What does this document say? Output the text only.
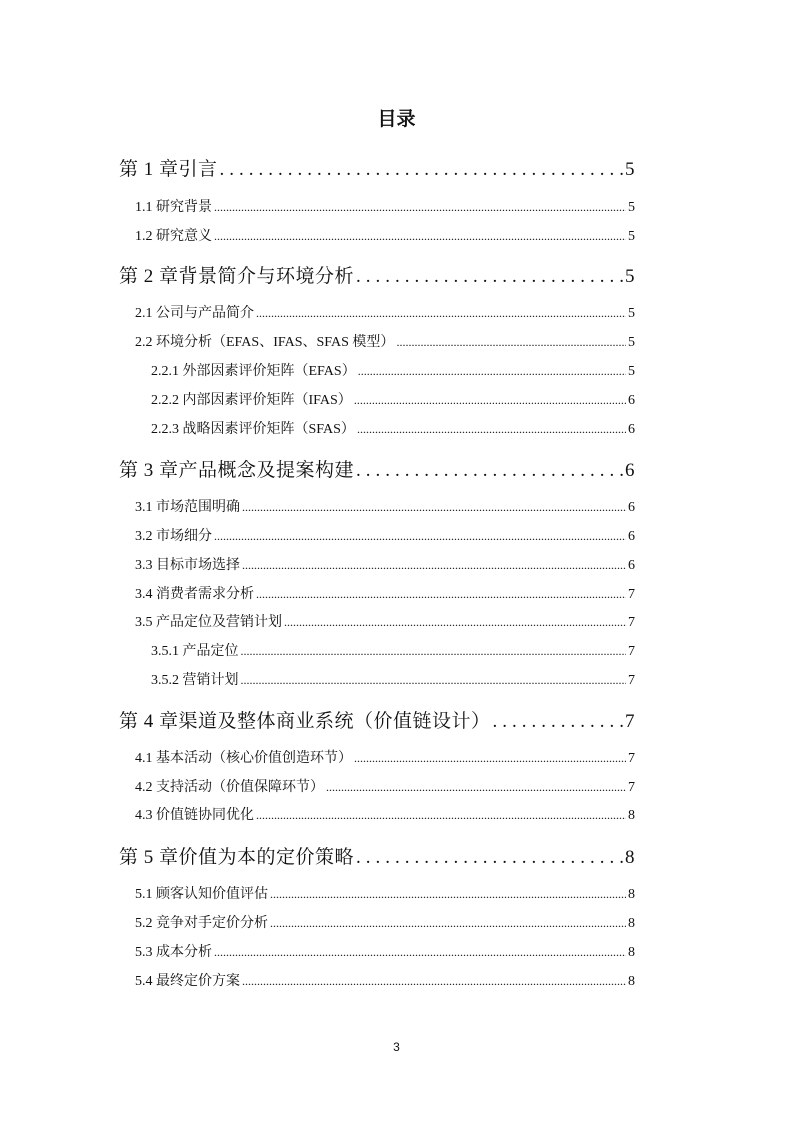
目录
第 1 章引言 .....	5
1.1 研究背景 .....	5
1.2 研究意义 .....	5
第 2 章背景简介与环境分析 .....	5
2.1 公司与产品简介 .....	5
2.2 环境分析（EFAS、IFAS、SFAS 模型） .....	5
2.2.1 外部因素评价矩阵（EFAS） .....	5
2.2.2 内部因素评价矩阵（IFAS） .....	6
2.2.3 战略因素评价矩阵（SFAS） .....	6
第 3 章产品概念及提案构建 .....	6
3.1 市场范围明确 .....	6
3.2 市场细分 .....	6
3.3 目标市场选择 .....	6
3.4 消费者需求分析 .....	7
3.5 产品定位及营销计划 .....	7
3.5.1 产品定位 .....	7
3.5.2 营销计划 .....	7
第 4 章渠道及整体商业系统（价值链设计） .....	7
4.1 基本活动（核心价值创造环节） .....	7
4.2 支持活动（价值保障环节） .....	7
4.3 价值链协同优化 .....	8
第 5 章价值为本的定价策略 .....	8
5.1 顾客认知价值评估 .....	8
5.2 竞争对手定价分析 .....	8
5.3 成本分析 .....	8
5.4 最终定价方案 .....	8
3
